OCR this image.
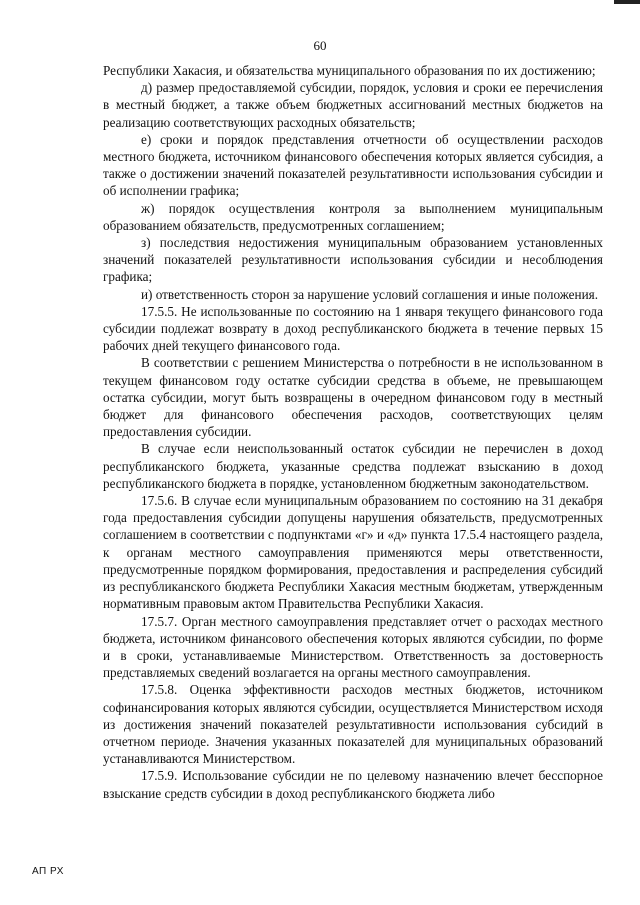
60

Республики Хакасия, и обязательства муниципального образования по их достижению;

д) размер предоставляемой субсидии, порядок, условия и сроки ее перечисления в местный бюджет, а также объем бюджетных ассигнований местных бюджетов на реализацию соответствующих расходных обязательств;

е) сроки и порядок представления отчетности об осуществлении расходов местного бюджета, источником финансового обеспечения которых является субсидия, а также о достижении значений показателей результативности использования субсидии и об исполнении графика;

ж) порядок осуществления контроля за выполнением муниципальным образованием обязательств, предусмотренных соглашением;

з) последствия недостижения муниципальным образованием установленных значений показателей результативности использования субсидии и несоблюдения графика;

и) ответственность сторон за нарушение условий соглашения и иные положения.

17.5.5. Не использованные по состоянию на 1 января текущего финансового года субсидии подлежат возврату в доход республиканского бюджета в течение первых 15 рабочих дней текущего финансового года.

В соответствии с решением Министерства о потребности в не использованном в текущем финансовом году остатке субсидии средства в объеме, не превышающем остатка субсидии, могут быть возвращены в очередном финансовом году в местный бюджет для финансового обеспечения расходов, соответствующих целям предоставления субсидии.

В случае если неиспользованный остаток субсидии не перечислен в доход республиканского бюджета, указанные средства подлежат взысканию в доход республиканского бюджета в порядке, установленном бюджетным законодательством.

17.5.6. В случае если муниципальным образованием по состоянию на 31 декабря года предоставления субсидии допущены нарушения обязательств, предусмотренных соглашением в соответствии с подпунктами «г» и «д» пункта 17.5.4 настоящего раздела, к органам местного самоуправления применяются меры ответственности, предусмотренные порядком формирования, предоставления и распределения субсидий из республиканского бюджета Республики Хакасия местным бюджетам, утвержденным нормативным правовым актом Правительства Республики Хакасия.

17.5.7. Орган местного самоуправления представляет отчет о расходах местного бюджета, источником финансового обеспечения которых являются субсидии, по форме и в сроки, устанавливаемые Министерством. Ответственность за достоверность представляемых сведений возлагается на органы местного самоуправления.

17.5.8. Оценка эффективности расходов местных бюджетов, источником софинансирования которых являются субсидии, осуществляется Министерством исходя из достижения значений показателей результативности использования субсидий в отчетном периоде. Значения указанных показателей для муниципальных образований устанавливаются Министерством.

17.5.9. Использование субсидии не по целевому назначению влечет бесспорное взыскание средств субсидии в доход республиканского бюджета либо

АП РХ
